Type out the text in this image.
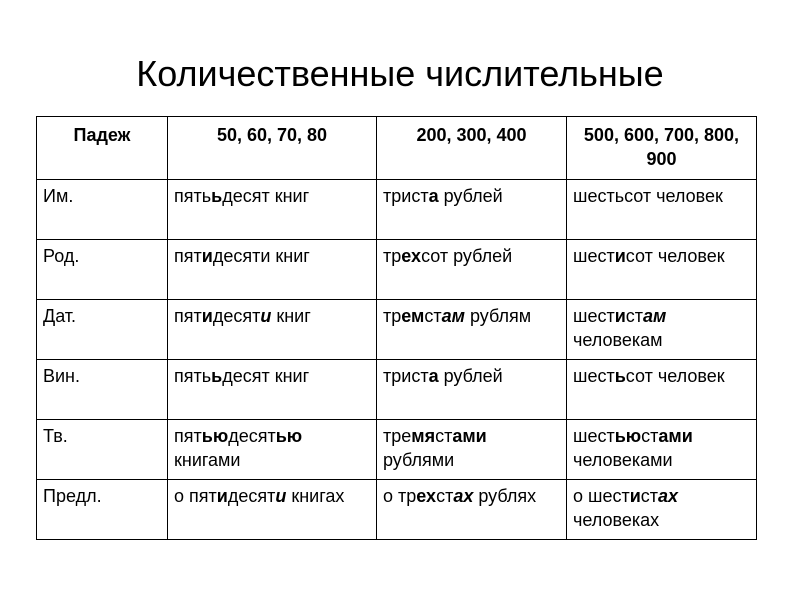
Количественные числительные
Падеж	50, 60, 70, 80	200, 300, 400	500, 600, 700, 800, 900
Им.	пятььдесят книг	триста рублей	шестьсот человек
Род.	пятидесяти книг	трехсот рублей	шестисот человек
Дат.	пятидесяти книг	тремстам рублям	шестистам человекам
Вин.	пятььдесят книг	триста рублей	шестьсот человек
Тв.	пятьюдесятью книгами	тремястами рублями	шестьюстами человеками
Предл.	о пятидесяти книгах	о трехстах рублях	о шестистах человеках
